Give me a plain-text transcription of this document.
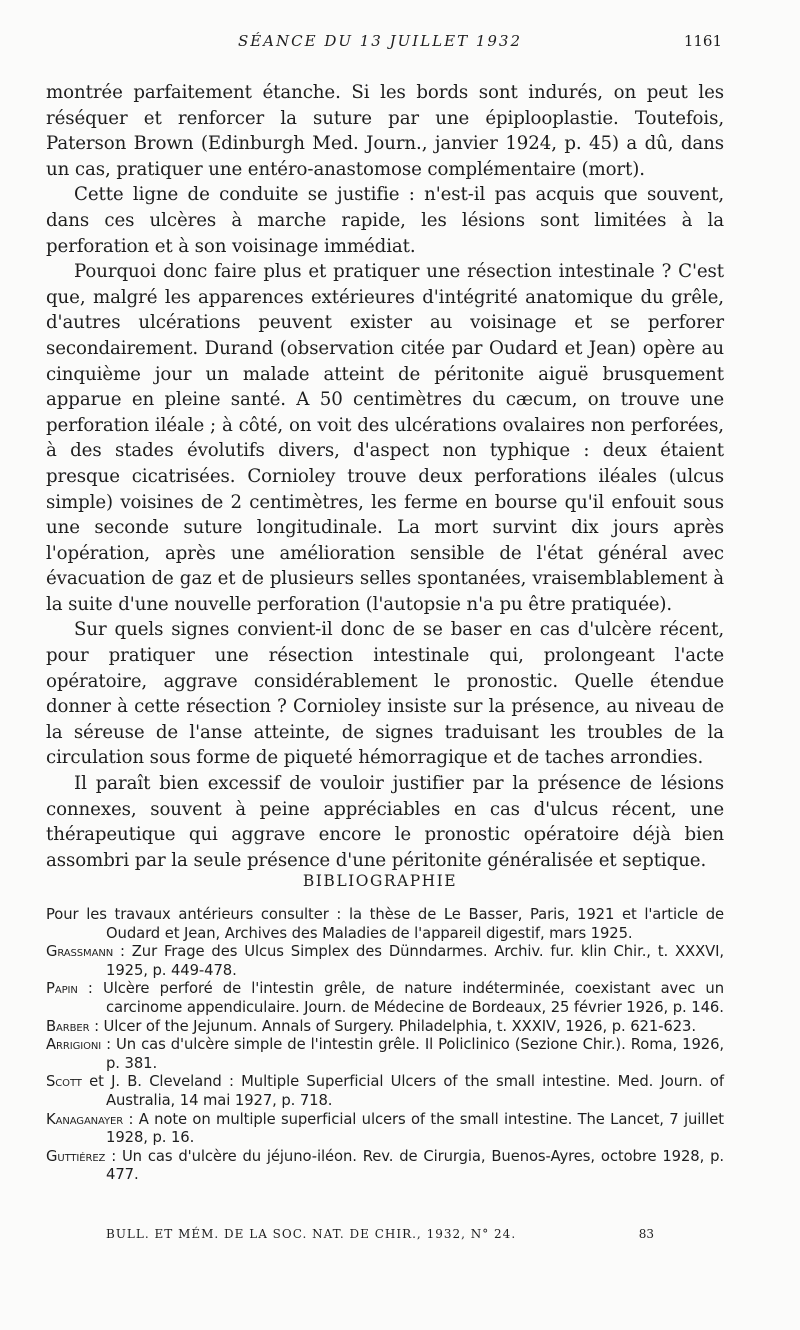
SÉANCE DU 13 JUILLET 1932	1161

montrée parfaitement étanche. Si les bords sont indurés, on peut les réséquer et renforcer la suture par une épiplooplastie. Toutefois, Paterson Brown (Edinburgh Med. Journ., janvier 1924, p. 45) a dû, dans un cas, pratiquer une entéro-anastomose complémentaire (mort).

Cette ligne de conduite se justifie : n'est-il pas acquis que souvent, dans ces ulcères à marche rapide, les lésions sont limitées à la perforation et à son voisinage immédiat.

Pourquoi donc faire plus et pratiquer une résection intestinale ? C'est que, malgré les apparences extérieures d'intégrité anatomique du grêle, d'autres ulcérations peuvent exister au voisinage et se perforer secondairement. Durand (observation citée par Oudard et Jean) opère au cinquième jour un malade atteint de péritonite aiguë brusquement apparue en pleine santé. A 50 centimètres du cæcum, on trouve une perforation iléale ; à côté, on voit des ulcérations ovalaires non perforées, à des stades évolutifs divers, d'aspect non typhique : deux étaient presque cicatrisées. Cornioley trouve deux perforations iléales (ulcus simple) voisines de 2 centimètres, les ferme en bourse qu'il enfouit sous une seconde suture longitudinale. La mort survint dix jours après l'opération, après une amélioration sensible de l'état général avec évacuation de gaz et de plusieurs selles spontanées, vraisemblablement à la suite d'une nouvelle perforation (l'autopsie n'a pu être pratiquée).

Sur quels signes convient-il donc de se baser en cas d'ulcère récent, pour pratiquer une résection intestinale qui, prolongeant l'acte opératoire, aggrave considérablement le pronostic. Quelle étendue donner à cette résection ? Cornioley insiste sur la présence, au niveau de la séreuse de l'anse atteinte, de signes traduisant les troubles de la circulation sous forme de piqueté hémorragique et de taches arrondies.

Il paraît bien excessif de vouloir justifier par la présence de lésions connexes, souvent à peine appréciables en cas d'ulcus récent, une thérapeutique qui aggrave encore le pronostic opératoire déjà bien assombri par la seule présence d'une péritonite généralisée et septique.

BIBLIOGRAPHIE

Pour les travaux antérieurs consulter : la thèse de Le Basser, Paris, 1921 et l'article de Oudard et Jean, Archives des Maladies de l'appareil digestif, mars 1925.

Grassmann : Zur Frage des Ulcus Simplex des Dünndarmes. Archiv. fur. klin Chir., t. XXXVI, 1925, p. 449-478.

Papin : Ulcère perforé de l'intestin grêle, de nature indéterminée, coexistant avec un carcinome appendiculaire. Journ. de Médecine de Bordeaux, 25 février 1926, p. 146.

Barber : Ulcer of the Jejunum. Annals of Surgery. Philadelphia, t. XXXIV, 1926, p. 621-623.

Arrigioni : Un cas d'ulcère simple de l'intestin grêle. Il Policlinico (Sezione Chir.). Roma, 1926, p. 381.

Scott et J. B. Cleveland : Multiple Superficial Ulcers of the small intestine. Med. Journ. of Australia, 14 mai 1927, p. 718.

Kanaganayer : A note on multiple superficial ulcers of the small intestine. The Lancet, 7 juillet 1928, p. 16.

Guttiérez : Un cas d'ulcère du jéjuno-iléon. Rev. de Cirurgia, Buenos-Ayres, octobre 1928, p. 477.

BULL. ET MÉM. DE LA SOC. NAT. DE CHIR., 1932, N° 24.	83
